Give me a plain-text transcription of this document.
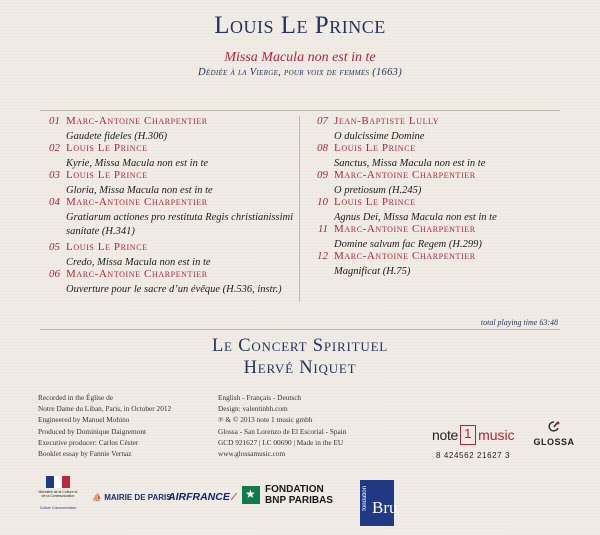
Louis Le Prince
Missa Macula non est in te
Dédiée à la Vierge, pour voix de femmes (1663)
01 Marc-Antoine Charpentier
Gaudete fideles (H.306)
02 Louis Le Prince
Kyrie, Missa Macula non est in te
03 Louis Le Prince
Gloria, Missa Macula non est in te
04 Marc-Antoine Charpentier
Gratiarum actiones pro restituta Regis christianissimi sanitate (H.341)
05 Louis Le Prince
Credo, Missa Macula non est in te
06 Marc-Antoine Charpentier
Ouverture pour le sacre d’un évêque (H.536, instr.)
07 Jean-Baptiste Lully
O dulcissime Domine
08 Louis Le Prince
Sanctus, Missa Macula non est in te
09 Marc-Antoine Charpentier
O pretiosum (H.245)
10 Louis Le Prince
Agnus Dei, Missa Macula non est in te
11 Marc-Antoine Charpentier
Domine salvum fac Regem (H.299)
12 Marc-Antoine Charpentier
Magnificat (H.75)
total playing time 63:48
Le Concert Spirituel
Hervé Niquet
Recorded in the Église de
Notre Dame du Liban, Paris, in October 2012
Engineered by Manuel Mohino
Produced by Dominique Daigremont
Executive producer: Carlos Céster
Booklet essay by Fannie Vernaz
English - Français - Deutsch
Design: valentinhh.com
℗ & © 2013 note 1 music gmbh
Glossa - San Lorenzo de El Escorial - Spain
GCD 921627 | LC 00690 | Made in the EU
www.glossamusic.com
note 1 music	GLOSSA
8 424562 21627 3
Ministère de la Culture et de la Communication
Culture Communication
⛵ MAIRIE DE PARIS
AIRFRANCE ⁄ ★ FONDATION
BNP PARIBAS	fondation Bru
